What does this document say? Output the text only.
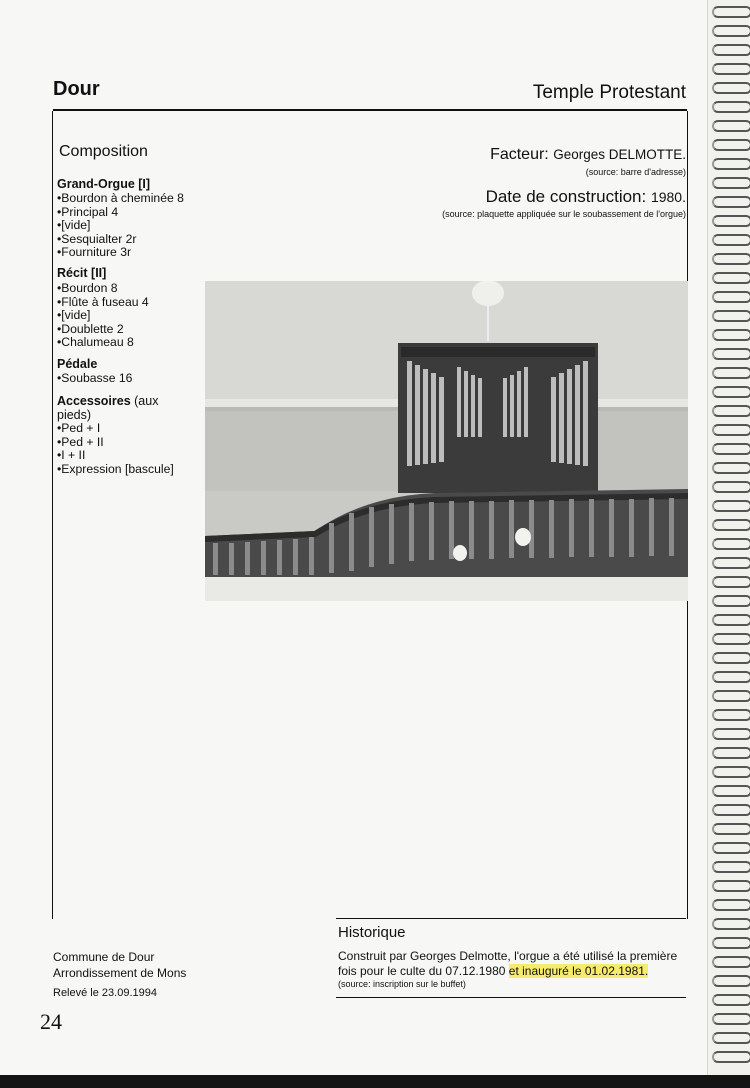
Dour	Temple Protestant
Composition
Grand-Orgue [I]
• Bourdon à cheminée 8
• Principal 4
• [vide]
• Sesquialter 2r
• Fourniture 3r
Récit [II]
• Bourdon 8
• Flûte à fuseau 4
• [vide]
• Doublette 2
• Chalumeau 8
Pédale
• Soubasse 16
Accessoires (aux pieds)
• Ped + I
• Ped + II
• I + II
• Expression [bascule]
Facteur: Georges DELMOTTE.
(source: barre d'adresse)
Date de construction: 1980.
(source: plaquette appliquée sur le soubassement de l'orgue)
Historique
Construit par Georges Delmotte, l'orgue a été utilisé la première fois pour le culte du 07.12.1980 et inauguré le 01.02.1981.
(source: inscription sur le buffet)
Commune de Dour
Arrondissement de Mons
Relevé le 23.09.1994
24
